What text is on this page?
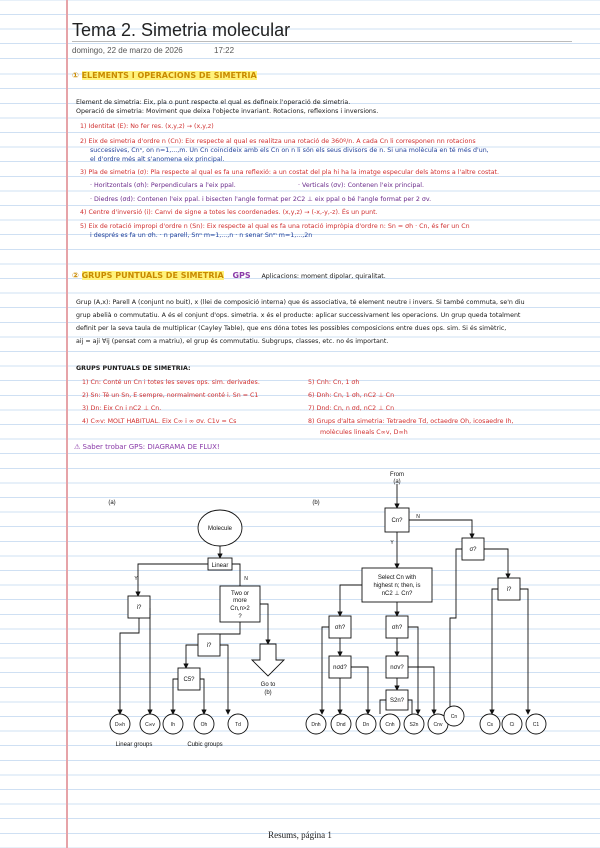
Tema 2. Simetria molecular
domingo, 22 de marzo de 2026	17:22
① ELEMENTS I OPERACIONS DE SIMETRIA
Element de simetria: Eix, pla o punt respecte el qual es defineix l'operació de simetria.
Operació de simetria: Moviment que deixa l'objecte invariant. Rotacions, reflexions i inversions.
1) Identitat (E): No fer res. (x,y,z) → (x,y,z)
2) Eix de simetria d'ordre n (Cn): Eix respecte al qual es realitza una rotació de 360º/n. A cada Cn li corresponen nn rotacions
successives, Cnⁿ, on n=1,...,m. Un Cn coincideix amb els Cn on n li són els seus divisors de n. Si una molècula en té més d'un,
el d'ordre més alt s'anomena eix principal.
3) Pla de simetria (σ): Pla respecte al qual es fa una reflexió: a un costat del pla hi ha la imatge especular dels àtoms a l'altre costat.
· Horitzontals (σh): Perpendiculars a l'eix ppal.	· Verticals (σv): Contenen l'eix principal.
· Diedres (σd): Contenen l'eix ppal. i bisecten l'angle format per 2C2 ⊥ eix ppal o bé l'angle format per 2 σv.
4) Centre d'inversió (i): Canvi de signe a totes les coordenades. (x,y,z) → (-x,-y,-z). És un punt.
5) Eix de rotació impropi d'ordre n (Sn): Eix respecte al qual es fa una rotació impròpia d'ordre n: Sn = σh · Cn, és fer un Cn
i després es fa un σh. · n parell, Snⁿ m=1,...,n · n senar Snᵐ m=1,...,2n
② GRUPS PUNTUALS DE SIMETRIA GPS Aplicacions: moment dipolar, quiralitat.
Grup (A,x): Parell A (conjunt no buit), x (llei de composició interna) que és associativa, té element neutre i invers. Si també commuta, se'n diu
grup abelià o commutatiu. A és el conjunt d'ops. simetria. x és el producte: aplicar successivament les operacions. Un grup queda totalment
definit per la seva taula de multiplicar (Cayley Table), que ens dóna totes les possibles composicions entre dues ops. sim. Si és simètric,
aij = aji ∀ij (pensat com a matriu), el grup és commutatiu. Subgrups, classes, etc. no és important.
GRUPS PUNTUALS DE SIMETRIA:
1) Cn: Conté un Cn i totes les seves ops. sim. derivades.
2) Sn: Té un Sn, E sempre, normalment conté i. Sn = C1
3) Dn: Eix Cn i nC2 ⊥ Cn.
4) C∞v: MOLT HABITUAL. Eix C∞ i ∞ σv. C1v = Cs
5) Cnh: Cn, 1 σh
6) Dnh: Cn, 1 σh, nC2 ⊥ Cn
7) Dnd: Cn, n σd, nC2 ⊥ Cn
8) Grups d'alta simetria: Tetraedre Td, octaedre Oh, icosaedre Ih,
molècules lineals C∞v, D∞h
⚠ Saber trobar GPS: DIAGRAMA DE FLUX!
(a)	(b)
Molecule
Linear
i?
Two or
more
Cn,n>2
?
i?
C5?
Go to
(b)
D∞h	C∞v	Ih	Oh	Td
Linear groups	Cubic groups
Y	N
From
(a)
Cn?
σ?
i?
Select Cn with
highest n; then, is
nC2 ⊥ Cn?
σh?	σh?
nσd?	nσv?
S2n?
Dnh	Dnd	Dn	Cnh	S2n	Cnv
Cn
Cs	Ci	C1
Y
N
Resums, página 1
